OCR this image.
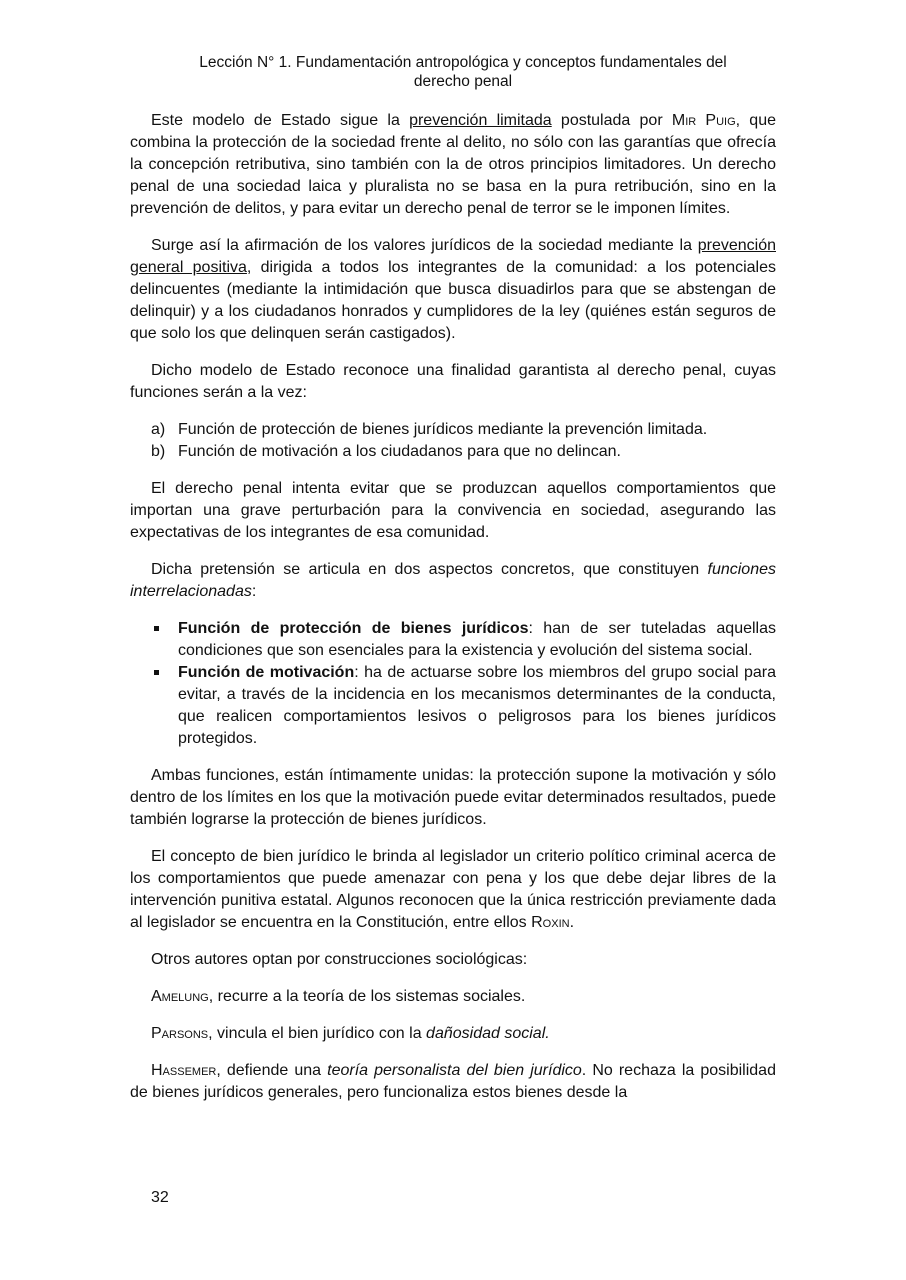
Lección N° 1. Fundamentación antropológica y conceptos fundamentales del
derecho penal

Este modelo de Estado sigue la prevención limitada postulada por Mir Puig, que combina la protección de la sociedad frente al delito, no sólo con las garantías que ofrecía la concepción retributiva, sino también con la de otros principios limitadores. Un derecho penal de una sociedad laica y pluralista no se basa en la pura retribución, sino en la prevención de delitos, y para evitar un derecho penal de terror se le imponen límites.

Surge así la afirmación de los valores jurídicos de la sociedad mediante la prevención general positiva, dirigida a todos los integrantes de la comunidad: a los potenciales delincuentes (mediante la intimidación que busca disuadirlos para que se abstengan de delinquir) y a los ciudadanos honrados y cumplidores de la ley (quiénes están seguros de que solo los que delinquen serán castigados).

Dicho modelo de Estado reconoce una finalidad garantista al derecho penal, cuyas funciones serán a la vez:

a) Función de protección de bienes jurídicos mediante la prevención limitada.
b) Función de motivación a los ciudadanos para que no delincan.

El derecho penal intenta evitar que se produzcan aquellos comportamientos que importan una grave perturbación para la convivencia en sociedad, asegurando las expectativas de los integrantes de esa comunidad.

Dicha pretensión se articula en dos aspectos concretos, que constituyen funciones interrelacionadas:

Función de protección de bienes jurídicos: han de ser tuteladas aquellas condiciones que son esenciales para la existencia y evolución del sistema social.
Función de motivación: ha de actuarse sobre los miembros del grupo social para evitar, a través de la incidencia en los mecanismos determinantes de la conducta, que realicen comportamientos lesivos o peligrosos para los bienes jurídicos protegidos.

Ambas funciones, están íntimamente unidas: la protección supone la motivación y sólo dentro de los límites en los que la motivación puede evitar determinados resultados, puede también lograrse la protección de bienes jurídicos.

El concepto de bien jurídico le brinda al legislador un criterio político criminal acerca de los comportamientos que puede amenazar con pena y los que debe dejar libres de la intervención punitiva estatal. Algunos reconocen que la única restricción previamente dada al legislador se encuentra en la Constitución, entre ellos Roxin.

Otros autores optan por construcciones sociológicas:

Amelung, recurre a la teoría de los sistemas sociales.

Parsons, vincula el bien jurídico con la dañosidad social.

Hassemer, defiende una teoría personalista del bien jurídico. No rechaza la posibilidad de bienes jurídicos generales, pero funcionaliza estos bienes desde la

32
